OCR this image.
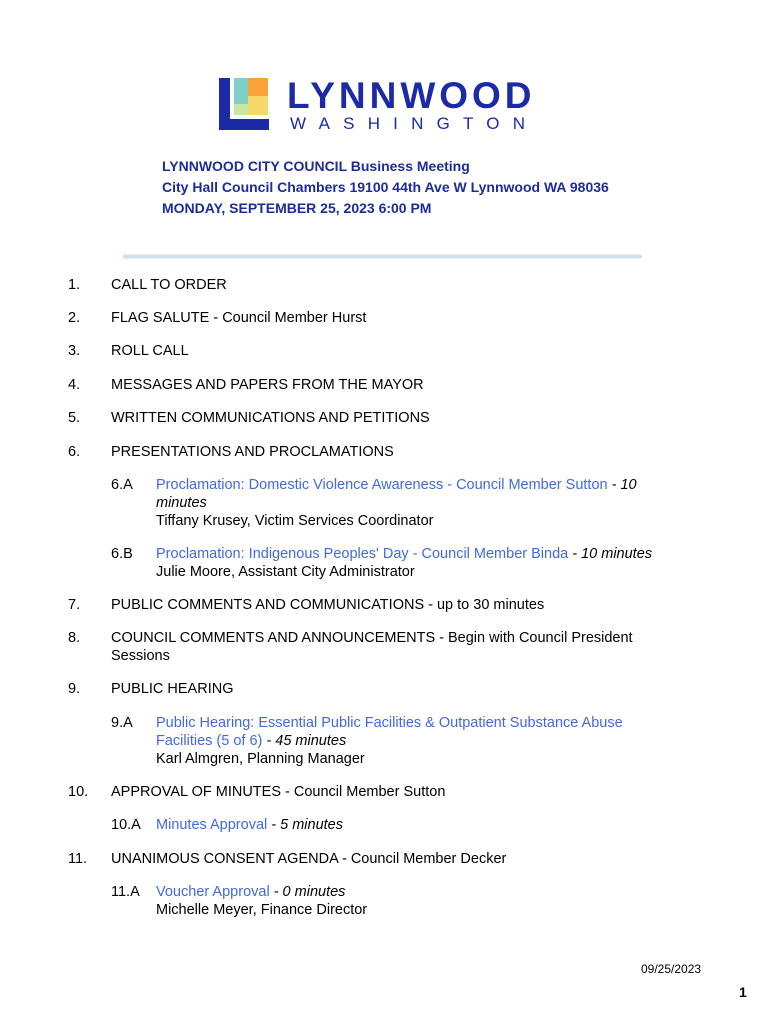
LYNNWOOD
WASHINGTON
LYNNWOOD CITY COUNCIL Business Meeting
City Hall Council Chambers 19100 44th Ave W Lynnwood WA 98036
MONDAY, SEPTEMBER 25, 2023 6:00 PM
1. CALL TO ORDER
2. FLAG SALUTE - Council Member Hurst
3. ROLL CALL
4. MESSAGES AND PAPERS FROM THE MAYOR
5. WRITTEN COMMUNICATIONS AND PETITIONS
6. PRESENTATIONS AND PROCLAMATIONS
6.A Proclamation: Domestic Violence Awareness - Council Member Sutton - 10
minutes
Tiffany Krusey, Victim Services Coordinator
6.B Proclamation: Indigenous Peoples' Day - Council Member Binda - 10 minutes
Julie Moore, Assistant City Administrator
7. PUBLIC COMMENTS AND COMMUNICATIONS - up to 30 minutes
8. COUNCIL COMMENTS AND ANNOUNCEMENTS - Begin with Council President
Sessions
9. PUBLIC HEARING
9.A Public Hearing: Essential Public Facilities & Outpatient Substance Abuse
Facilities (5 of 6) - 45 minutes
Karl Almgren, Planning Manager
10. APPROVAL OF MINUTES - Council Member Sutton
10.A Minutes Approval - 5 minutes
11. UNANIMOUS CONSENT AGENDA - Council Member Decker
11.A Voucher Approval - 0 minutes
Michelle Meyer, Finance Director
09/25/2023
1
